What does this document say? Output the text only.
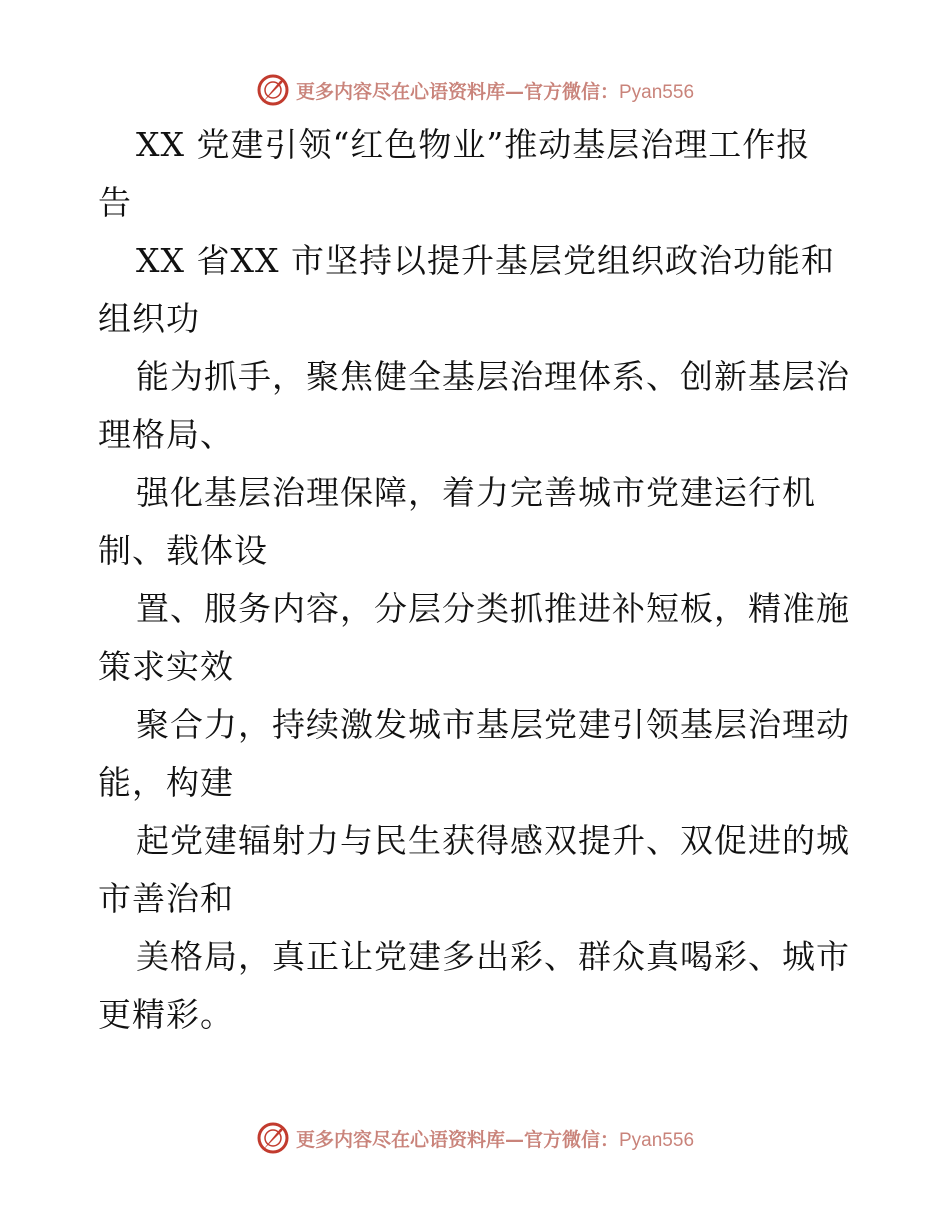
更多内容尽在心语资料库—官方微信：Pyan556
XX 党建引领“红色物业”推动基层治理工作报
告
XX 省XX 市坚持以提升基层党组织政治功能和
组织功
能为抓手，聚焦健全基层治理体系、创新基层治
理格局、
强化基层治理保障，着力完善城市党建运行机
制、载体设
置、服务内容，分层分类抓推进补短板，精准施
策求实效
聚合力，持续激发城市基层党建引领基层治理动
能，构建
起党建辐射力与民生获得感双提升、双促进的城
市善治和
美格局，真正让党建多出彩、群众真喝彩、城市
更精彩。
更多内容尽在心语资料库—官方微信：Pyan556
